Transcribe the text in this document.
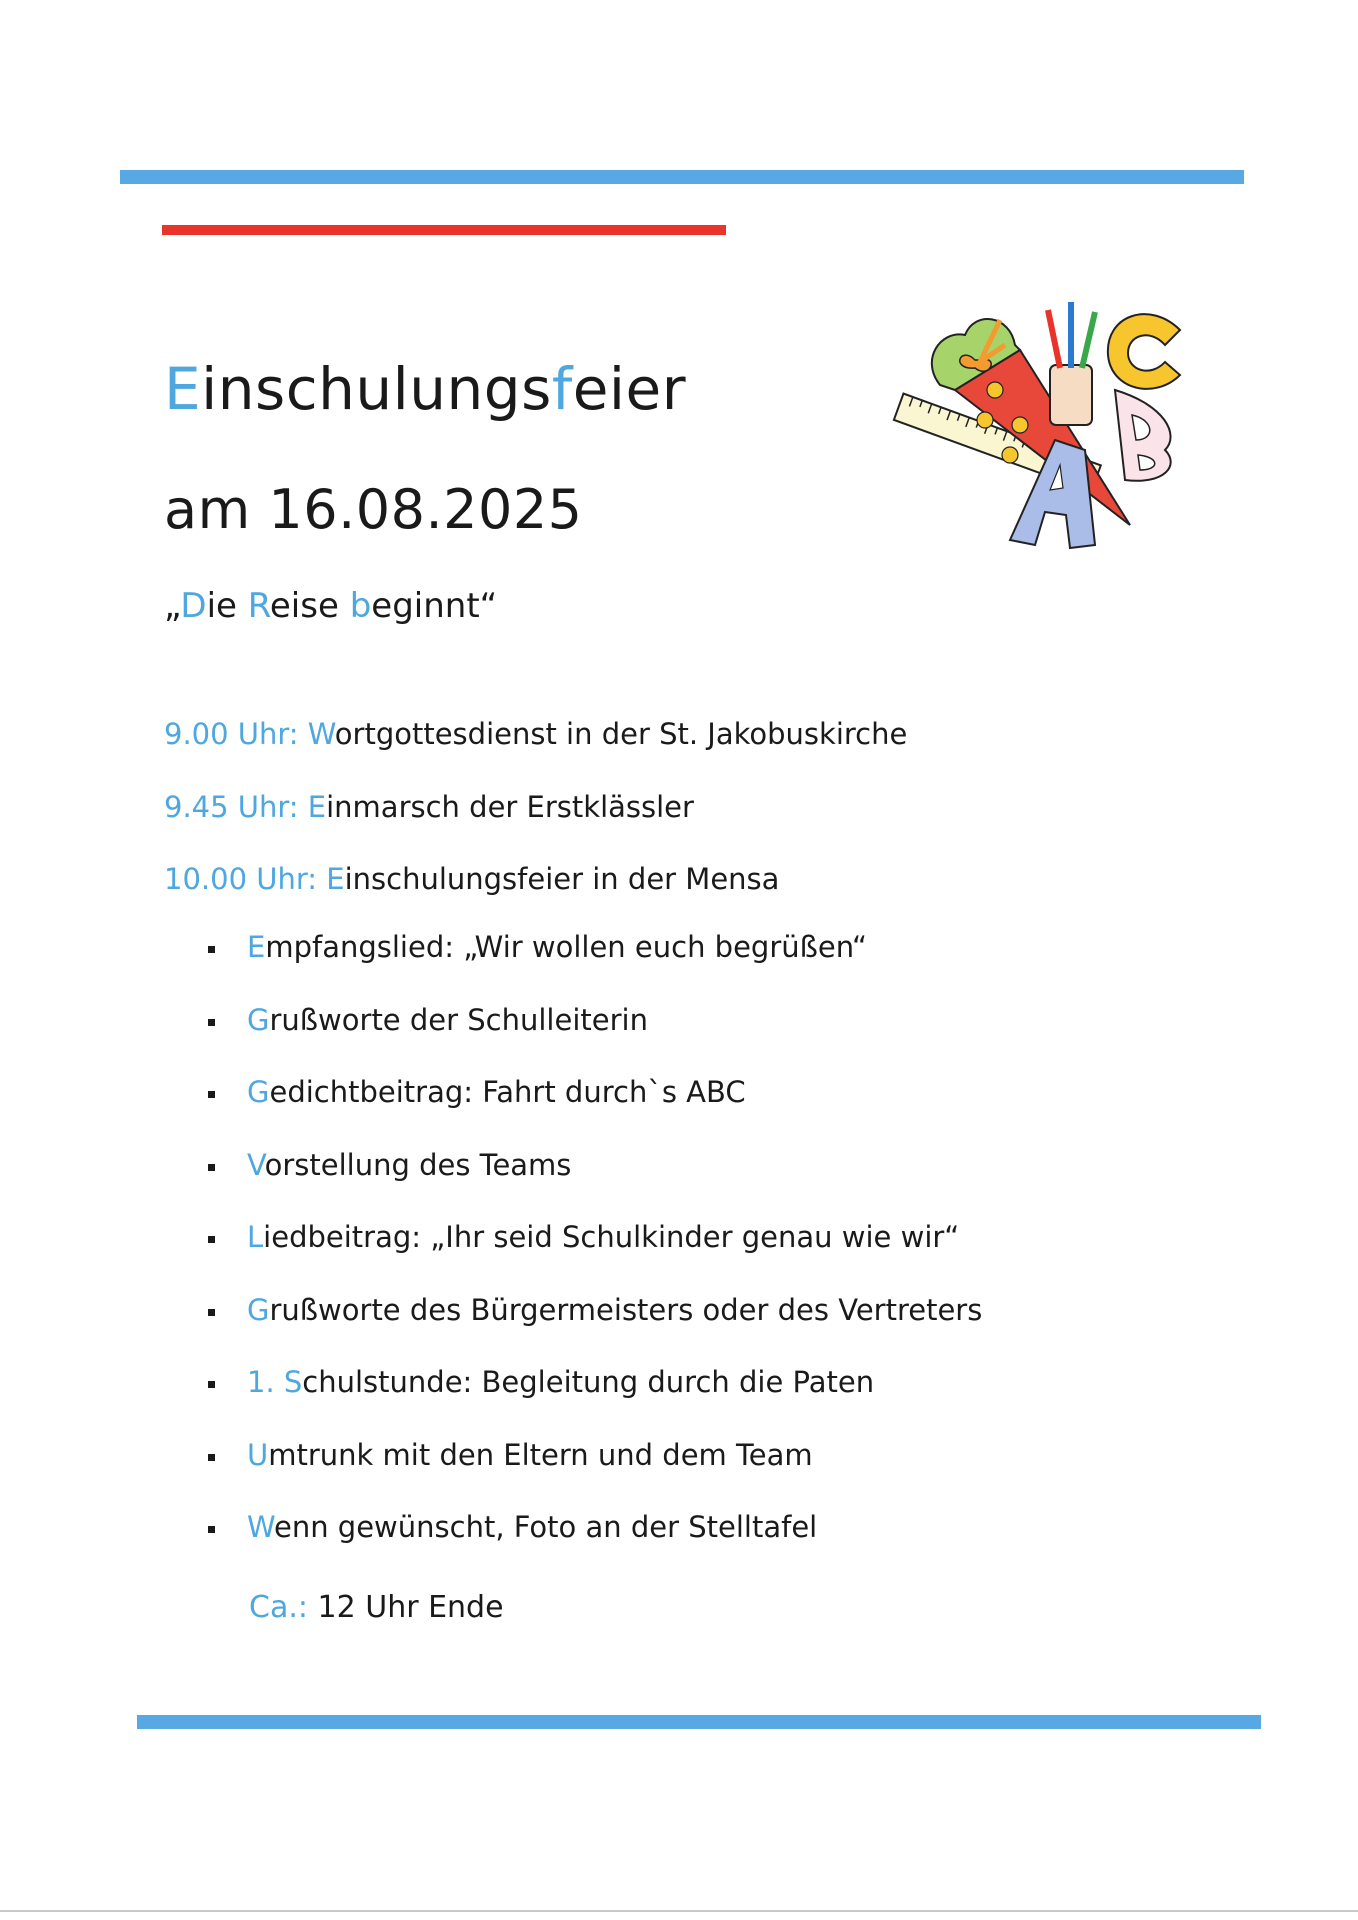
Einschulungsfeier
am 16.08.2025
„Die Reise beginnt“
9.00 Uhr: Wortgottesdienst in der St. Jakobuskirche
9.45 Uhr: Einmarsch der Erstklässler
10.00 Uhr: Einschulungsfeier in der Mensa
Empfangslied: „Wir wollen euch begrüßen“
Grußworte der Schulleiterin
Gedichtbeitrag: Fahrt durch`s ABC
Vorstellung des Teams
Liedbeitrag: „Ihr seid Schulkinder genau wie wir“
Grußworte des Bürgermeisters oder des Vertreters
1. Schulstunde: Begleitung durch die Paten
Umtrunk mit den Eltern und dem Team
Wenn gewünscht, Foto an der Stelltafel
Ca.: 12 Uhr Ende
